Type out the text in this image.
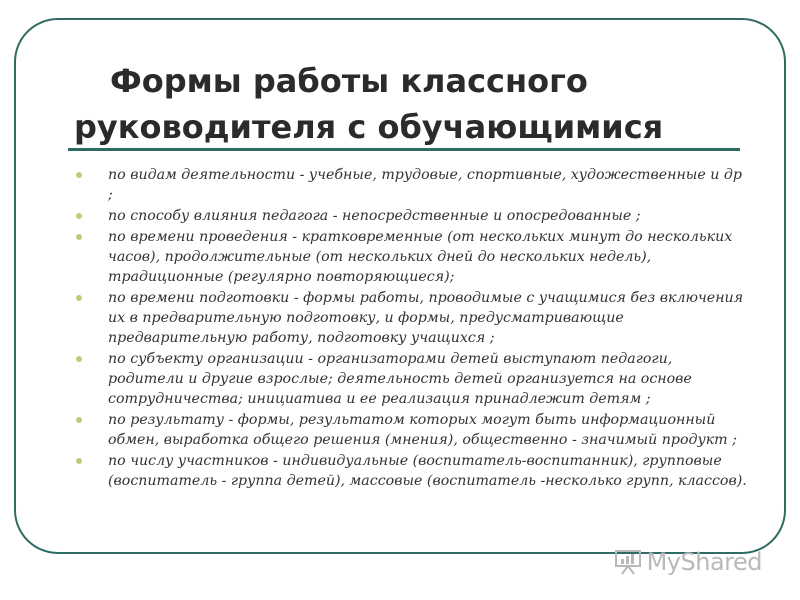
Формы работы классного
руководителя с обучающимися
по видам деятельности - учебные, трудовые, спортивные, художественные и др ;
по способу влияния педагога - непосредственные и опосредованные ;
по времени проведения - кратковременные (от нескольких минут до нескольких часов), продолжительные (от нескольких дней до нескольких недель), традиционные (регулярно повторяющиеся);
по времени подготовки - формы работы, проводимые с учащимися без включения их в предварительную подготовку, и формы, предусматривающие предварительную работу, подготовку учащихся ;
по субъекту организации - организаторами детей выступают педагоги, родители и другие взрослые; деятельность детей организуется на основе сотрудничества; инициатива и ее реализация принадлежит детям ;
по результату - формы, результатом которых могут быть информационный обмен, выработка общего решения (мнения), общественно - значимый продукт ;
по числу участников - индивидуальные (воспитатель-воспитанник), групповые (воспитатель - группа детей), массовые (воспитатель -несколько групп, классов).
MyShared
